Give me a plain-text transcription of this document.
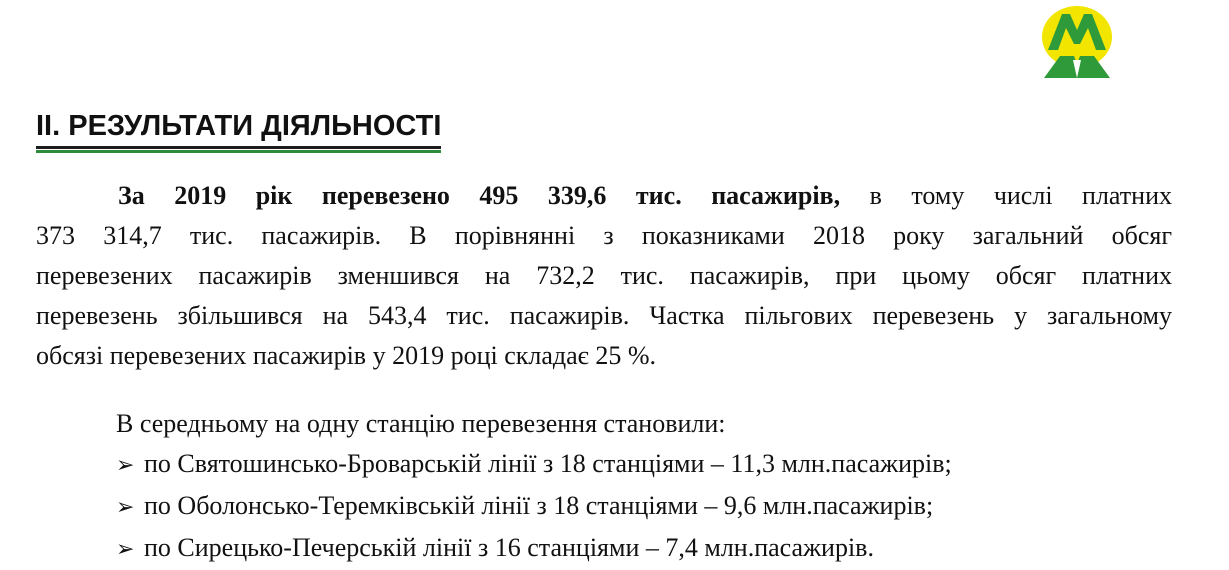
ІІ. РЕЗУЛЬТАТИ ДІЯЛЬНОСТІ
За 2019 рік перевезено 495 339,6 тис. пасажирів, в тому числі платних
373 314,7 тис. пасажирів. В порівнянні з показниками 2018 року загальний обсяг
перевезених пасажирів зменшився на 732,2 тис. пасажирів, при цьому обсяг платних
перевезень збільшився на 543,4 тис. пасажирів. Частка пільгових перевезень у загальному
обсязі перевезених пасажирів у 2019 році складає 25 %.
В середньому на одну станцію перевезення становили:
➢ по Святошинсько-Броварській лінії з 18 станціями – 11,3 млн.пасажирів;
➢ по Оболонсько-Теремківській лінії з 18 станціями – 9,6 млн.пасажирів;
➢ по Сирецько-Печерській лінії з 16 станціями – 7,4 млн.пасажирів.
